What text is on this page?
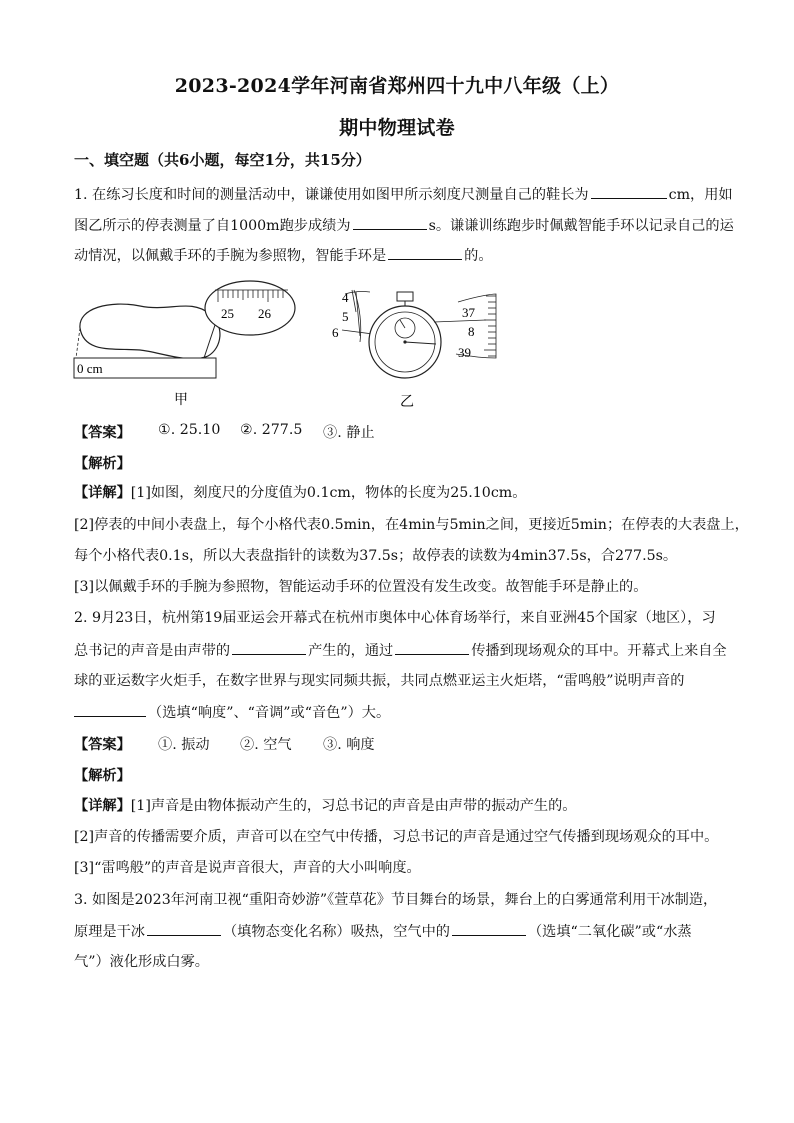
2023-2024学年河南省郑州四十九中八年级（上）
期中物理试卷
一、填空题（共6小题，每空1分，共15分）
1. 在练习长度和时间的测量活动中，谦谦使用如图甲所示刻度尺测量自己的鞋长为	cm，用如
图乙所示的停表测量了自1000m跑步成绩为	s。谦谦训练跑步时佩戴智能手环以记录自己的运
动情况，以佩戴手环的手腕为参照物，智能手环是	的。
25 26
0 cm
甲
4
5
6
37
8
39
乙
【答案】 ①. 25.10 ②. 277.5 ③. 静止
【解析】
【详解】[1]如图，刻度尺的分度值为0.1cm，物体的长度为25.10cm。
[2]停表的中间小表盘上，每个小格代表0.5min，在4min与5min之间，更接近5min；在停表的大表盘上，
每个小格代表0.1s，所以大表盘指针的读数为37.5s；故停表的读数为4min37.5s，合277.5s。
[3]以佩戴手环的手腕为参照物，智能运动手环的位置没有发生改变。故智能手环是静止的。
2. 9月23日，杭州第19届亚运会开幕式在杭州市奥体中心体育场举行，来自亚洲45个国家（地区），习
总书记的声音是由声带的	产生的，通过	传播到现场观众的耳中。开幕式上来自全
球的亚运数字火炬手，在数字世界与现实同频共振，共同点燃亚运主火炬塔，“雷鸣般”说明声音的
（选填“响度”、“音调”或“音色”）大。
【答案】 ①. 振动 ②. 空气 ③. 响度
【解析】
【详解】[1]声音是由物体振动产生的，习总书记的声音是由声带的振动产生的。
[2]声音的传播需要介质，声音可以在空气中传播，习总书记的声音是通过空气传播到现场观众的耳中。
[3]“雷鸣般”的声音是说声音很大，声音的大小叫响度。
3. 如图是2023年河南卫视“重阳奇妙游”《萱草花》节目舞台的场景，舞台上的白雾通常利用干冰制造，
原理是干冰	（填物态变化名称）吸热，空气中的	（选填“二氧化碳”或“水蒸
气”）液化形成白雾。
